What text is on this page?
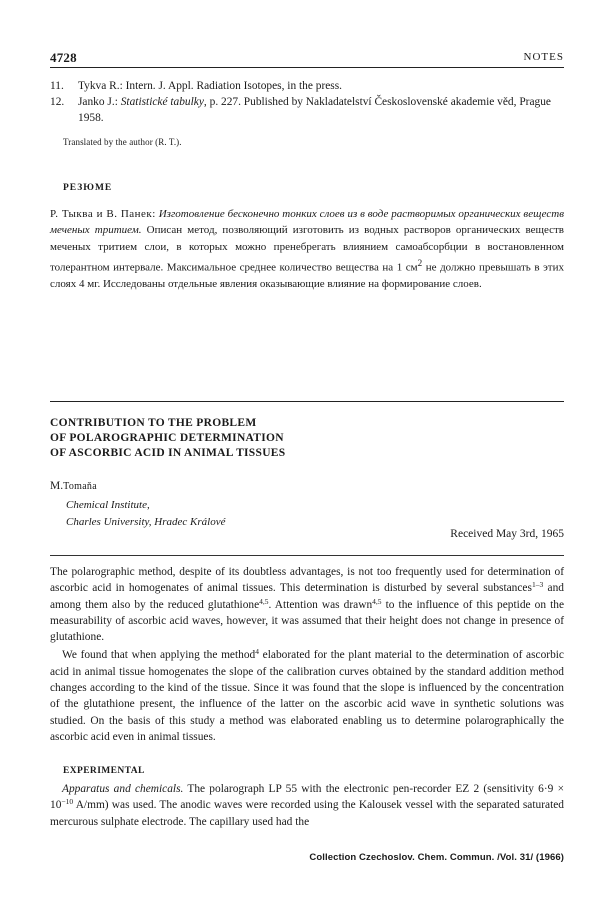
4728	NOTES
11. Tykva R.: Intern. J. Appl. Radiation Isotopes, in the press.
12. Janko J.: Statistické tabulky, p. 227. Published by Nakladatelství Československé akademie věd, Prague 1958.
Translated by the author (R. T.).
РЕЗЮМЕ
Р. Тыква и В. Панек: Изготовление бесконечно тонких слоев из в воде растворимых органических веществ меченых тритием. Описан метод, позволяющий изготовить из водных растворов органических веществ меченых тритием слои, в которых можно пренебрегать влиянием самоабсорбции в востановленном толерантном интервале. Максимальное среднее количество вещества на 1 $см^2$ не должно превышать в этих слоях 4 мг. Исследованы отдельные явления оказывающие влияние на формирование слоев.
CONTRIBUTION TO THE PROBLEM
OF POLAROGRAPHIC DETERMINATION
OF ASCORBIC ACID IN ANIMAL TISSUES
M.Tomaňa
Chemical Institute,
Charles University, Hradec Králové
Received May 3rd, 1965

The polarographic method, despite of its doubtless advantages, is not too frequently used for determination of ascorbic acid in homogenates of animal tissues. This determination is disturbed by several substances$^{1-3}$ and among them also by the reduced glutathione$^{4,5}$. Attention was drawn$^{4,5}$ to the influence of this peptide on the measurability of ascorbic acid waves, however, it was assumed that their height does not change in presence of glutathione.

We found that when applying the method$^4$ elaborated for the plant material to the determination of ascorbic acid in animal tissue homogenates the slope of the calibration curves obtained by the standard addition method changes according to the kind of the tissue. Since it was found that the slope is influenced by the concentration of the glutathione present, the influence of the latter on the ascorbic acid wave in synthetic solutions was studied. On the basis of this study a method was elaborated enabling us to determine polarographically the ascorbic acid even in animal tissues.

EXPERIMENTAL

Apparatus and chemicals. The polarograph LP 55 with the electronic pen-recorder EZ 2 (sensitivity $6\cdot 9 \times 10^{-10}$ A/mm) was used. The anodic waves were recorded using the Kalousek vessel with the separated saturated mercurous sulphate electrode. The capillary used had the

Collection Czechoslov. Chem. Commun. /Vol. 31/ (1966)
